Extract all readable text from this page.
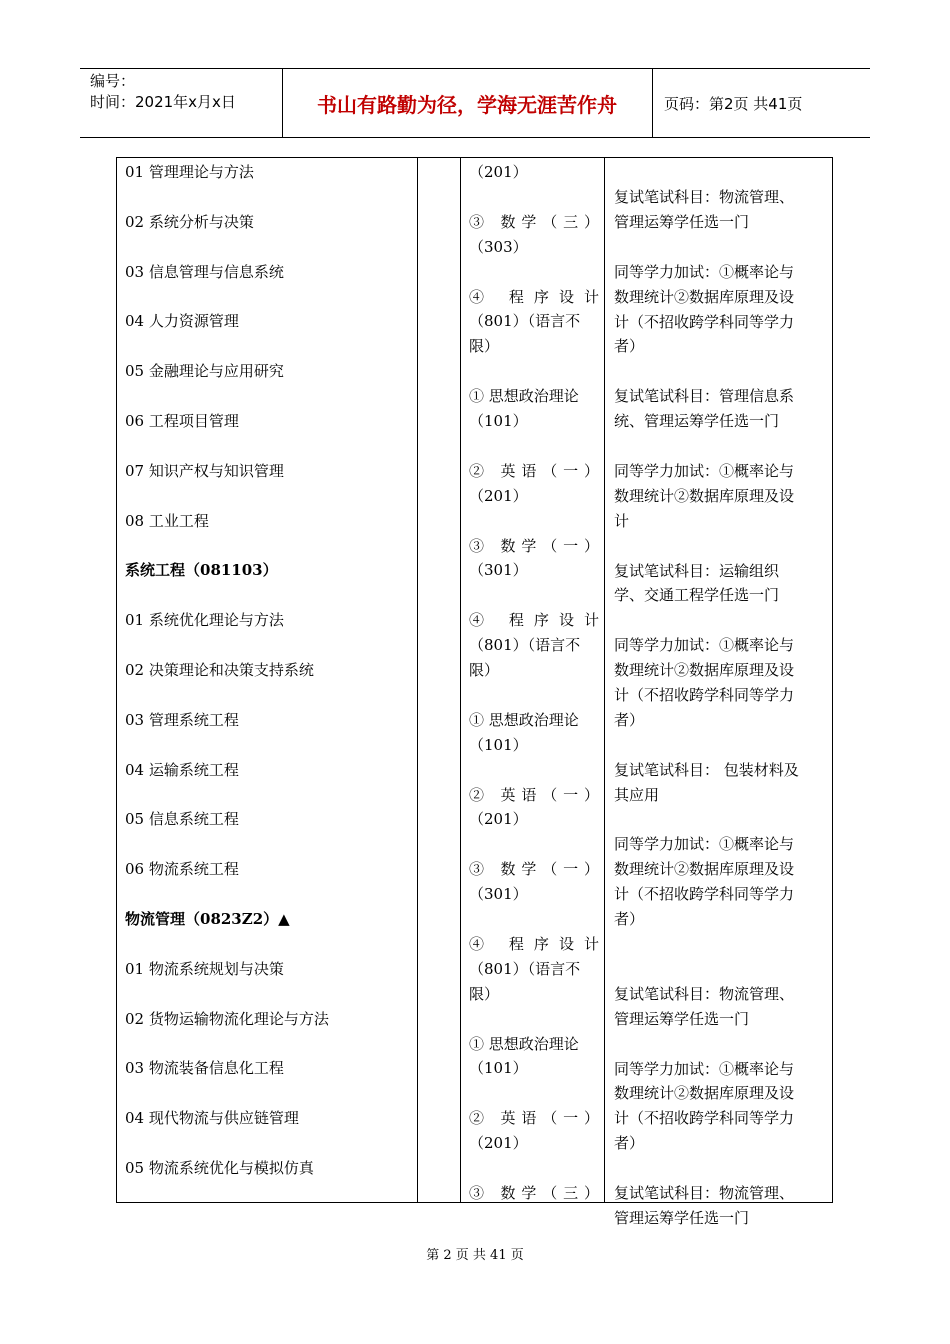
编号：
时间：2021年x月x日	书山有路勤为径，学海无涯苦作舟	页码：第2页 共41页
01 管理理论与方法
02 系统分析与决策
03 信息管理与信息系统
04 人力资源管理
05 金融理论与应用研究
06 工程项目管理
07 知识产权与知识管理
08 工业工程
系统工程（081103）
01 系统优化理论与方法
02 决策理论和决策支持系统
03 管理系统工程
04 运输系统工程
05 信息系统工程
06 物流系统工程
物流管理（0823Z2）▲
01 物流系统规划与决策
02 货物运输物流化理论与方法
03 物流装备信息化工程
04 现代物流与供应链管理
05 物流系统优化与模拟仿真
（201）
③ 数学（三）
（303）
④ 程序设计
（801）（语言不
限）
① 思想政治理论
（101）
② 英语（一）
（201）
③ 数学（一）
（301）
④ 程序设计
（801）（语言不
限）
① 思想政治理论
（101）
② 英语（一）
（201）
③ 数学（一）
（301）
④ 程序设计
（801）（语言不
限）
① 思想政治理论
（101）
② 英语（一）
（201）
③ 数学（三）
复试笔试科目：物流管理、
管理运筹学任选一门
同等学力加试：①概率论与
数理统计②数据库原理及设
计（不招收跨学科同等学力
者）
复试笔试科目：管理信息系
统、管理运筹学任选一门
同等学力加试：①概率论与
数理统计②数据库原理及设
计
复试笔试科目：运输组织
学、交通工程学任选一门
同等学力加试：①概率论与
数理统计②数据库原理及设
计（不招收跨学科同等学力
者）
复试笔试科目： 包装材料及
其应用
同等学力加试：①概率论与
数理统计②数据库原理及设
计（不招收跨学科同等学力
者）
复试笔试科目：物流管理、
管理运筹学任选一门
同等学力加试：①概率论与
数理统计②数据库原理及设
计（不招收跨学科同等学力
者）
复试笔试科目：物流管理、
管理运筹学任选一门
第 2 页 共 41 页
